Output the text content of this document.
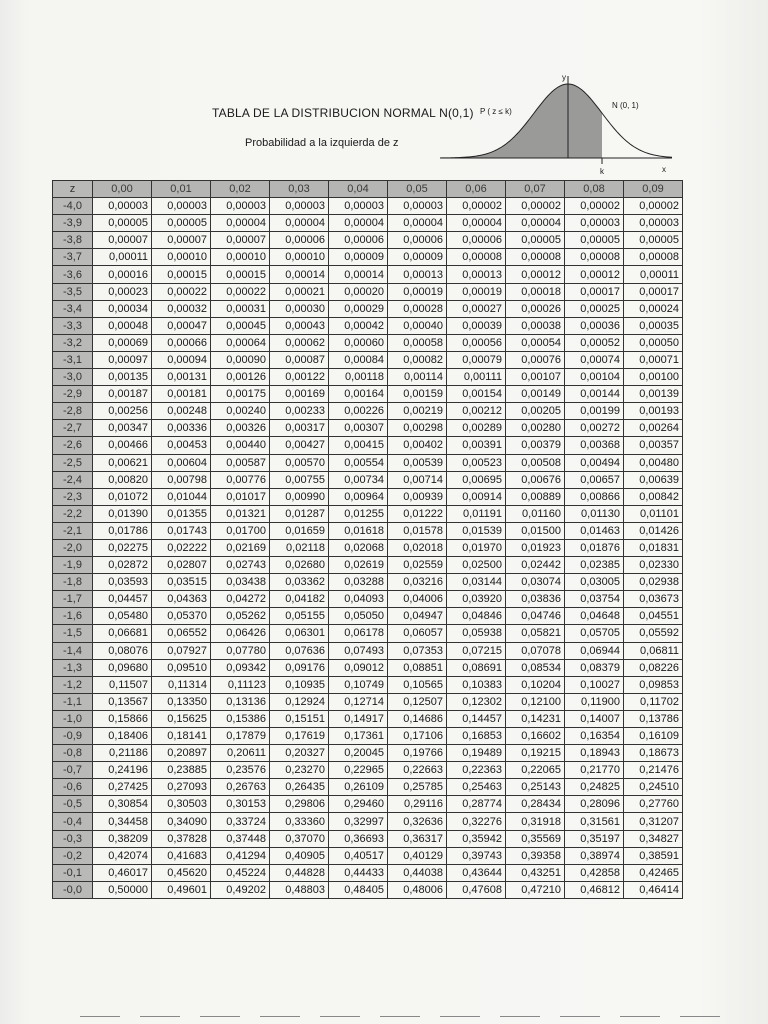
TABLA DE LA DISTRIBUCION NORMAL N(0,1)
Probabilidad a la izquierda de z
y
x
k
P ( z ≤ k)
N (0, 1)
z	0,00	0,01	0,02	0,03	0,04	0,05	0,06	0,07	0,08	0,09
-4,0	0,00003	0,00003	0,00003	0,00003	0,00003	0,00003	0,00002	0,00002	0,00002	0,00002
-3,9	0,00005	0,00005	0,00004	0,00004	0,00004	0,00004	0,00004	0,00004	0,00003	0,00003
-3,8	0,00007	0,00007	0,00007	0,00006	0,00006	0,00006	0,00006	0,00005	0,00005	0,00005
-3,7	0,00011	0,00010	0,00010	0,00010	0,00009	0,00009	0,00008	0,00008	0,00008	0,00008
-3,6	0,00016	0,00015	0,00015	0,00014	0,00014	0,00013	0,00013	0,00012	0,00012	0,00011
-3,5	0,00023	0,00022	0,00022	0,00021	0,00020	0,00019	0,00019	0,00018	0,00017	0,00017
-3,4	0,00034	0,00032	0,00031	0,00030	0,00029	0,00028	0,00027	0,00026	0,00025	0,00024
-3,3	0,00048	0,00047	0,00045	0,00043	0,00042	0,00040	0,00039	0,00038	0,00036	0,00035
-3,2	0,00069	0,00066	0,00064	0,00062	0,00060	0,00058	0,00056	0,00054	0,00052	0,00050
-3,1	0,00097	0,00094	0,00090	0,00087	0,00084	0,00082	0,00079	0,00076	0,00074	0,00071
-3,0	0,00135	0,00131	0,00126	0,00122	0,00118	0,00114	0,00111	0,00107	0,00104	0,00100
-2,9	0,00187	0,00181	0,00175	0,00169	0,00164	0,00159	0,00154	0,00149	0,00144	0,00139
-2,8	0,00256	0,00248	0,00240	0,00233	0,00226	0,00219	0,00212	0,00205	0,00199	0,00193
-2,7	0,00347	0,00336	0,00326	0,00317	0,00307	0,00298	0,00289	0,00280	0,00272	0,00264
-2,6	0,00466	0,00453	0,00440	0,00427	0,00415	0,00402	0,00391	0,00379	0,00368	0,00357
-2,5	0,00621	0,00604	0,00587	0,00570	0,00554	0,00539	0,00523	0,00508	0,00494	0,00480
-2,4	0,00820	0,00798	0,00776	0,00755	0,00734	0,00714	0,00695	0,00676	0,00657	0,00639
-2,3	0,01072	0,01044	0,01017	0,00990	0,00964	0,00939	0,00914	0,00889	0,00866	0,00842
-2,2	0,01390	0,01355	0,01321	0,01287	0,01255	0,01222	0,01191	0,01160	0,01130	0,01101
-2,1	0,01786	0,01743	0,01700	0,01659	0,01618	0,01578	0,01539	0,01500	0,01463	0,01426
-2,0	0,02275	0,02222	0,02169	0,02118	0,02068	0,02018	0,01970	0,01923	0,01876	0,01831
-1,9	0,02872	0,02807	0,02743	0,02680	0,02619	0,02559	0,02500	0,02442	0,02385	0,02330
-1,8	0,03593	0,03515	0,03438	0,03362	0,03288	0,03216	0,03144	0,03074	0,03005	0,02938
-1,7	0,04457	0,04363	0,04272	0,04182	0,04093	0,04006	0,03920	0,03836	0,03754	0,03673
-1,6	0,05480	0,05370	0,05262	0,05155	0,05050	0,04947	0,04846	0,04746	0,04648	0,04551
-1,5	0,06681	0,06552	0,06426	0,06301	0,06178	0,06057	0,05938	0,05821	0,05705	0,05592
-1,4	0,08076	0,07927	0,07780	0,07636	0,07493	0,07353	0,07215	0,07078	0,06944	0,06811
-1,3	0,09680	0,09510	0,09342	0,09176	0,09012	0,08851	0,08691	0,08534	0,08379	0,08226
-1,2	0,11507	0,11314	0,11123	0,10935	0,10749	0,10565	0,10383	0,10204	0,10027	0,09853
-1,1	0,13567	0,13350	0,13136	0,12924	0,12714	0,12507	0,12302	0,12100	0,11900	0,11702
-1,0	0,15866	0,15625	0,15386	0,15151	0,14917	0,14686	0,14457	0,14231	0,14007	0,13786
-0,9	0,18406	0,18141	0,17879	0,17619	0,17361	0,17106	0,16853	0,16602	0,16354	0,16109
-0,8	0,21186	0,20897	0,20611	0,20327	0,20045	0,19766	0,19489	0,19215	0,18943	0,18673
-0,7	0,24196	0,23885	0,23576	0,23270	0,22965	0,22663	0,22363	0,22065	0,21770	0,21476
-0,6	0,27425	0,27093	0,26763	0,26435	0,26109	0,25785	0,25463	0,25143	0,24825	0,24510
-0,5	0,30854	0,30503	0,30153	0,29806	0,29460	0,29116	0,28774	0,28434	0,28096	0,27760
-0,4	0,34458	0,34090	0,33724	0,33360	0,32997	0,32636	0,32276	0,31918	0,31561	0,31207
-0,3	0,38209	0,37828	0,37448	0,37070	0,36693	0,36317	0,35942	0,35569	0,35197	0,34827
-0,2	0,42074	0,41683	0,41294	0,40905	0,40517	0,40129	0,39743	0,39358	0,38974	0,38591
-0,1	0,46017	0,45620	0,45224	0,44828	0,44433	0,44038	0,43644	0,43251	0,42858	0,42465
-0,0	0,50000	0,49601	0,49202	0,48803	0,48405	0,48006	0,47608	0,47210	0,46812	0,46414
